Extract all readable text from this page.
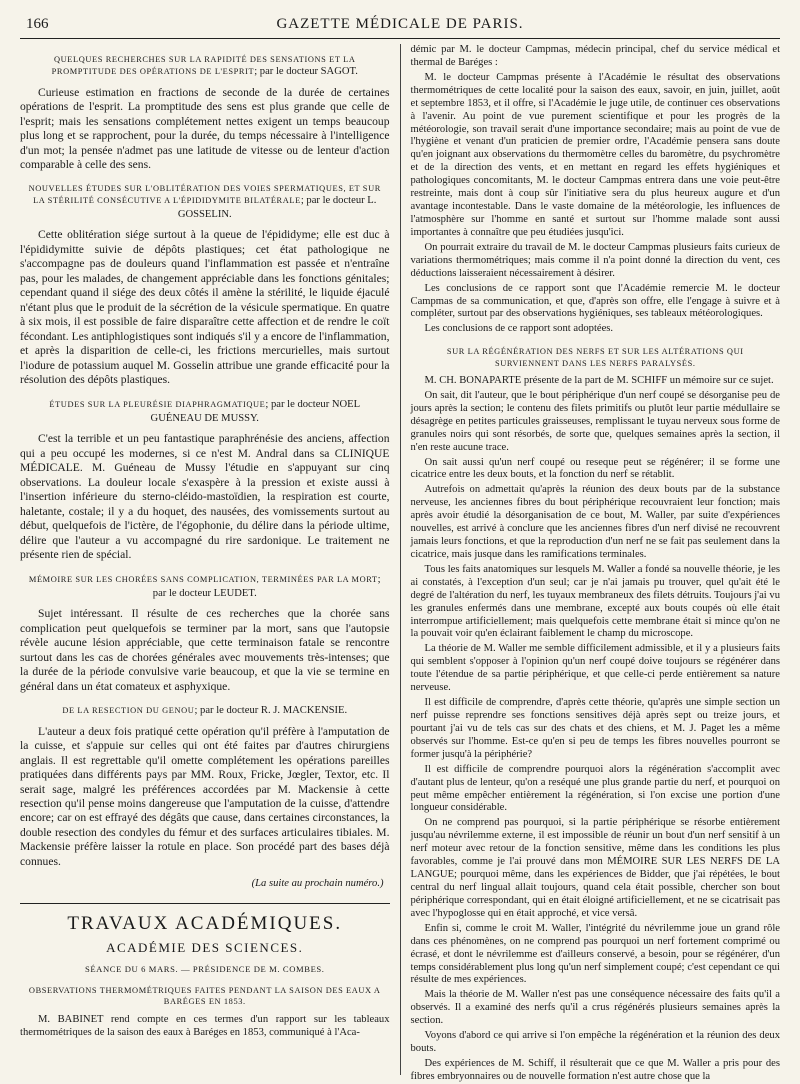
166	GAZETTE MÉDICALE DE PARIS.
QUELQUES RECHERCHES SUR LA RAPIDITÉ DES SENSATIONS ET LA PROMPTITUDE DES OPÉRATIONS DE L'ESPRIT; par le docteur SAGOT.

Curieuse estimation en fractions de seconde de la durée de certaines opérations de l'esprit. La promptitude des sens est plus grande que celle de l'esprit; mais les sensations complétement nettes exigent un temps beaucoup plus long et se rapprochent, pour la durée, du temps nécessaire à l'intelligence d'un mot; la pensée n'admet pas une latitude de vitesse ou de lenteur d'action comparable à celle des sens.

NOUVELLES ÉTUDES SUR L'OBLITÉRATION DES VOIES SPERMATIQUES, ET SUR LA STÉRILITÉ CONSÉCUTIVE A L'ÉPIDIDYMITE BILATÉRALE; par le docteur L. GOSSELIN.

Cette oblitération siége surtout à la queue de l'épididyme; elle est duc à l'épididymitte suivie de dépôts plastiques; cet état pathologique ne s'accompagne pas de douleurs quand l'inflammation est passée et n'entraîne pas, pour les malades, de changement appréciable dans les fonctions génitales; cependant quand il siége des deux côtés il amène la stérilité, le liquide éjaculé n'étant plus que le produit de la sécrétion de la vésicule spermatique. En quatre à six mois, il est possible de faire disparaître cette affection et de rendre le coït fécondant. Les antiphlogistiques sont indiqués s'il y a encore de l'inflammation, et après la disparition de celle-ci, les frictions mercurielles, mais surtout l'iodure de potassium auquel M. Gosselin attribue une grande efficacité pour la résolution des dépôts plastiques.

ÉTUDES SUR LA PLEURÉSIE DIAPHRAGMATIQUE; par le docteur NOEL GUÉNEAU DE MUSSY.

C'est la terrible et un peu fantastique paraphrénésie des anciens, affection qui a peu occupé les modernes, si ce n'est M. Andral dans sa CLINIQUE MÉDICALE. M. Guéneau de Mussy l'étudie en s'appuyant sur cinq observations. La douleur locale s'exaspère à la pression et existe aussi à l'insertion inférieure du sterno-cléido-mastoïdien, la respiration est courte, haletante, costale; il y a du hoquet, des nausées, des vomissements surtout au début, quelquefois de l'ictère, de l'égophonie, du délire dans la période ultime, délire que l'auteur a vu accompagné du rire sardonique. Le traitement ne présente rien de spécial.

MÉMOIRE SUR LES CHORÉES SANS COMPLICATION, TERMINÉES PAR LA MORT; par le docteur LEUDET.

Sujet intéressant. Il résulte de ces recherches que la chorée sans complication peut quelquefois se terminer par la mort, sans que l'autopsie révèle aucune lésion appréciable, que cette terminaison fatale se rencontre surtout dans les cas de chorées générales avec mouvements très-intenses; que la durée de la période convulsive varie beaucoup, et que la vie se termine en général dans un état comateux et asphyxique.

DE LA RESECTION DU GENOU; par le docteur R. J. MACKENSIE.

L'auteur a deux fois pratiqué cette opération qu'il préfère à l'amputation de la cuisse, et s'appuie sur celles qui ont été faites par d'autres chirurgiens anglais. Il est regrettable qu'il omette complétement les opérations pareilles pratiquées dans différents pays par MM. Roux, Fricke, Jœgler, Textor, etc. Il serait sage, malgré les préférences accordées par M. Mackensie à cette resection qu'il pense moins dangereuse que l'amputation de la cuisse, d'attendre encore; car on est effrayé des dégâts que cause, dans certaines circonstances, la double resection des condyles du fémur et des surfaces articulaires tibiales. M. Mackensie préfère laisser la rotule en place. Son procédé part des bases déjà connues.

(La suite au prochain numéro.)
TRAVAUX ACADÉMIQUES.
ACADÉMIE DES SCIENCES.
SÉANCE DU 6 MARS. — PRÉSIDENCE DE M. COMBES.
OBSERVATIONS THERMOMÉTRIQUES FAITES PENDANT LA SAISON DES EAUX A BARÉGES EN 1853.

M. BABINET rend compte en ces termes d'un rapport sur les tableaux thermométriques de la saison des eaux à Baréges en 1853, communiqué à l'Aca-

démic par M. le docteur Campmas, médecin principal, chef du service médical et thermal de Baréges :

M. le docteur Campmas présente à l'Académie le résultat des observations thermométriques de cette localité pour la saison des eaux, savoir, en juin, juillet, août et septembre 1853, et il offre, si l'Académie le juge utile, de continuer ces observations à l'avenir. Au point de vue purement scientifique et pour les progrès de la météorologie, son travail serait d'une importance secondaire; mais au point de vue de l'hygiène et venant d'un praticien de premier ordre, l'Académie pensera sans doute qu'en joignant aux observations du thermomètre celles du baromètre, du psychromètre et de la direction des vents, et en mettant en regard les effets hygiéniques et pathologiques concomitants, M. le docteur Campmas entrera dans une voie peut-être restreinte, mais dont à coup sûr l'initiative sera du plus heureux augure et d'un avantage incontestable. Dans le vaste domaine de la météorologie, les influences de l'atmosphère sur l'homme en santé et surtout sur l'homme malade sont aussi importantes à connaître que peu étudiées jusqu'ici.

On pourrait extraire du travail de M. le docteur Campmas plusieurs faits curieux de variations thermométriques; mais comme il n'a point donné la direction du vent, ces déductions laisseraient nécessairement à désirer.

Les conclusions de ce rapport sont que l'Académie remercie M. le docteur Campmas de sa communication, et que, d'après son offre, elle l'engage à suivre et à compléter, surtout par des observations hygiéniques, ses tableaux météorologiques.

Les conclusions de ce rapport sont adoptées.

SUR LA RÉGÉNÉRATION DES NERFS ET SUR LES ALTÉRATIONS QUI SURVIENNENT DANS LES NERFS PARALYSÉS.

M. CH. BONAPARTE présente de la part de M. SCHIFF un mémoire sur ce sujet.

On sait, dit l'auteur, que le bout périphérique d'un nerf coupé se désorganise peu de jours après la section; le contenu des filets primitifs ou plutôt leur partie médullaire se désagrège en petites particules graisseuses, remplissant le tuyau nerveux sous forme de granules noirs qui sont résorbés, de sorte que, quelques semaines après la section, il n'en reste aucune trace.

On sait aussi qu'un nerf coupé ou reseque peut se régénérer; il se forme une cicatrice entre les deux bouts, et la fonction du nerf se rétablit.

Autrefois on admettait qu'après la réunion des deux bouts par de la substance nerveuse, les anciennes fibres du bout périphérique recouvraient leur fonction; mais après avoir étudié la désorganisation de ce bout, M. Waller, par suite d'expériences nouvelles, est arrivé à conclure que les anciennes fibres d'un nerf divisé ne recouvrent jamais leurs fonctions, et que la reproduction d'un nerf ne se fait pas seulement dans la cicatrice, mais jusque dans les ramifications terminales.

Tous les faits anatomiques sur lesquels M. Waller a fondé sa nouvelle théorie, je les ai constatés, à l'exception d'un seul; car je n'ai jamais pu trouver, quel qu'ait été le degré de l'altération du nerf, les tuyaux membraneux des filets détruits. Toujours j'ai vu les granules enfermés dans une membrane, excepté aux bouts coupés où elle était interrompue artificiellement; mais quelquefois cette membrane était si mince qu'on ne la pouvait voir qu'en éclairant faiblement le champ du microscope.

La théorie de M. Waller me semble difficilement admissible, et il y a plusieurs faits qui semblent s'opposer à l'opinion qu'un nerf coupé doive toujours se régénérer dans toute l'étendue de sa partie périphérique, et que celle-ci perde entièrement sa nature nerveuse.

Il est difficile de comprendre, d'après cette théorie, qu'après une simple section un nerf puisse reprendre ses fonctions sensitives déjà après sept ou treize jours, et pourtant j'ai vu de tels cas sur des chats et des chiens, et M. J. Paget les a même observés sur l'homme. Est-ce qu'en si peu de temps les fibres nouvelles pourront se former jusqu'à la périphérie?

Il est difficile de comprendre pourquoi alors la régénération s'accomplit avec d'autant plus de lenteur, qu'on a reséqué une plus grande partie du nerf, et pourquoi on peut même empêcher entièrement la régénération, si l'on excise une portion d'une longueur considérable.

On ne comprend pas pourquoi, si la partie périphérique se résorbe entièrement jusqu'au névrilemme externe, il est impossible de réunir un bout d'un nerf sensitif à un nerf moteur avec retour de la fonction sensitive, même dans les conditions les plus favorables, comme je l'ai prouvé dans mon MÉMOIRE SUR LES NERFS DE LA LANGUE; pourquoi même, dans les expériences de Bidder, que j'ai répétées, le bout central du nerf lingual allait toujours, quand cela était possible, chercher son bout périphérique correspondant, qui en était éloigné artificiellement, et ne se cicatrisait pas avec l'hypoglosse qui en était approché, et vice versâ.

Enfin si, comme le croit M. Waller, l'intégrité du névrilemme joue un grand rôle dans ces phénomènes, on ne comprend pas pourquoi un nerf fortement comprimé ou écrasé, et dont le névrilemme est d'ailleurs conservé, a besoin, pour se régénérer, d'un temps considérablement plus long qu'un nerf simplement coupé; c'est cependant ce qui résulte de mes expériences.

Mais la théorie de M. Waller n'est pas une conséquence nécessaire des faits qu'il a observés. Il a examiné des nerfs qu'il a crus régénérés plusieurs semaines après la section.

Voyons d'abord ce qui arrive si l'on empêche la régénération et la réunion des deux bouts.

Des expériences de M. Schiff, il résulterait que ce que M. Waller a pris pour des fibres embryonnaires ou de nouvelle formation n'est autre chose que la
